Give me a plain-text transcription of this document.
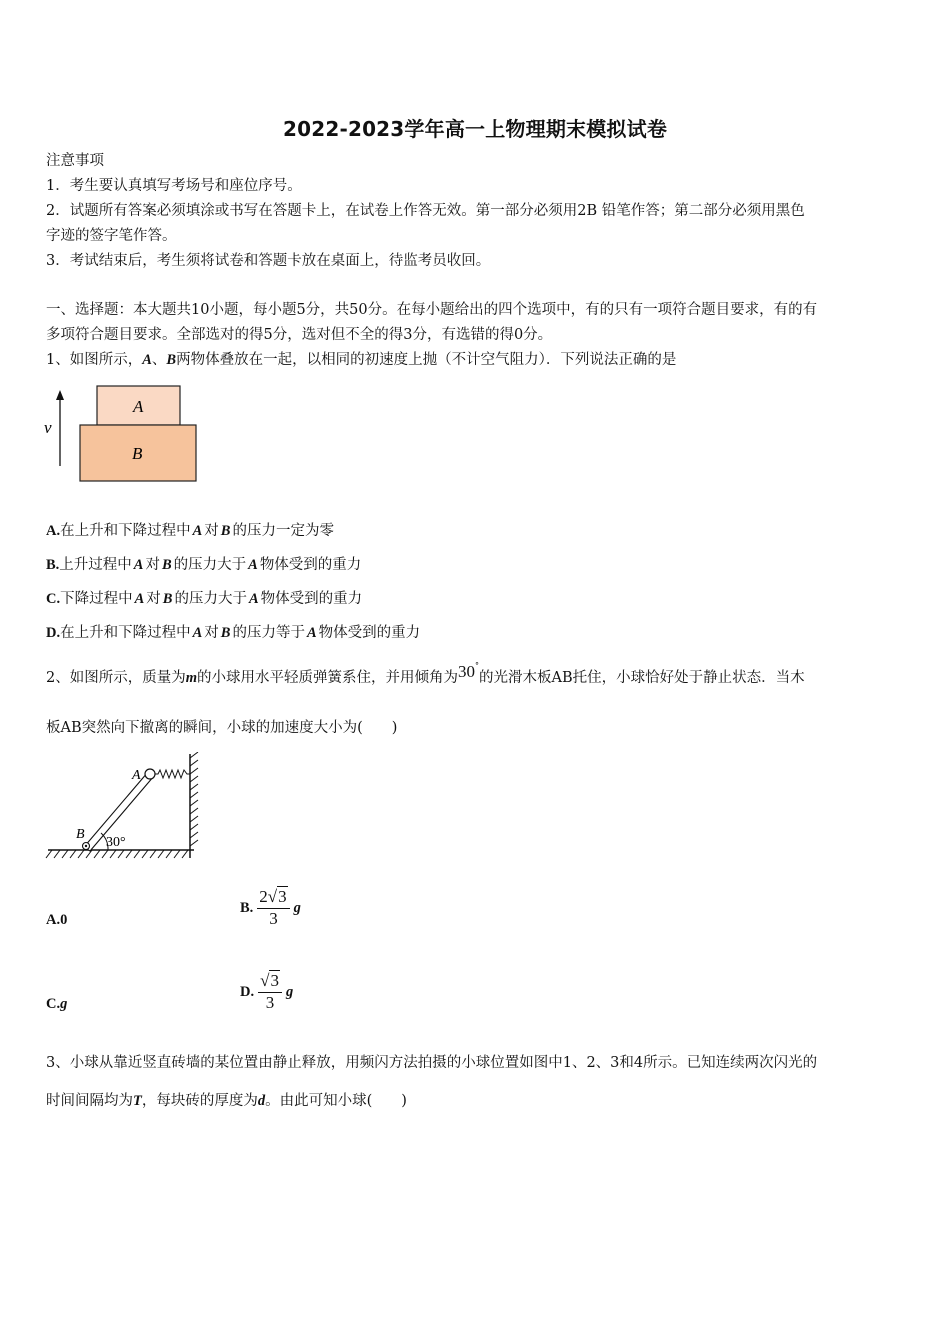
2022-2023学年高一上物理期末模拟试卷
注意事项
1．考生要认真填写考场号和座位序号。
2．试题所有答案必须填涂或书写在答题卡上，在试卷上作答无效。第一部分必须用2B 铅笔作答；第二部分必须用黑色
字迹的签字笔作答。
3．考试结束后，考生须将试卷和答题卡放在桌面上，待监考员收回。
一、选择题：本大题共10小题，每小题5分，共50分。在每小题给出的四个选项中，有的只有一项符合题目要求，有的有
多项符合题目要求。全部选对的得5分，选对但不全的得3分，有选错的得0分。
1、如图所示，A、B两物体叠放在一起，以相同的初速度上抛（不计空气阻力）．下列说法正确的是
v
A
B
A.在上升和下降过程中 A 对 B 的压力一定为零
B.上升过程中 A 对 B 的压力大于 A 物体受到的重力
C.下降过程中 A 对 B 的压力大于 A 物体受到的重力
D.在上升和下降过程中 A 对 B 的压力等于 A 物体受到的重力
2、如图所示，质量为m的小球用水平轻质弹簧系住，并用倾角为30°的光滑木板AB托住，小球恰好处于静止状态．当木
板AB突然向下撤离的瞬间，小球的加速度大小为(　　)
30°
A
B
A.0
B. $\frac{2√3}{3}$ g
C.g
D. $\frac{√3}{3}$ g
3、小球从靠近竖直砖墙的某位置由静止释放，用频闪方法拍摄的小球位置如图中1、2、3和4所示。已知连续两次闪光的
时间间隔均为T，每块砖的厚度为d。由此可知小球(　　)
